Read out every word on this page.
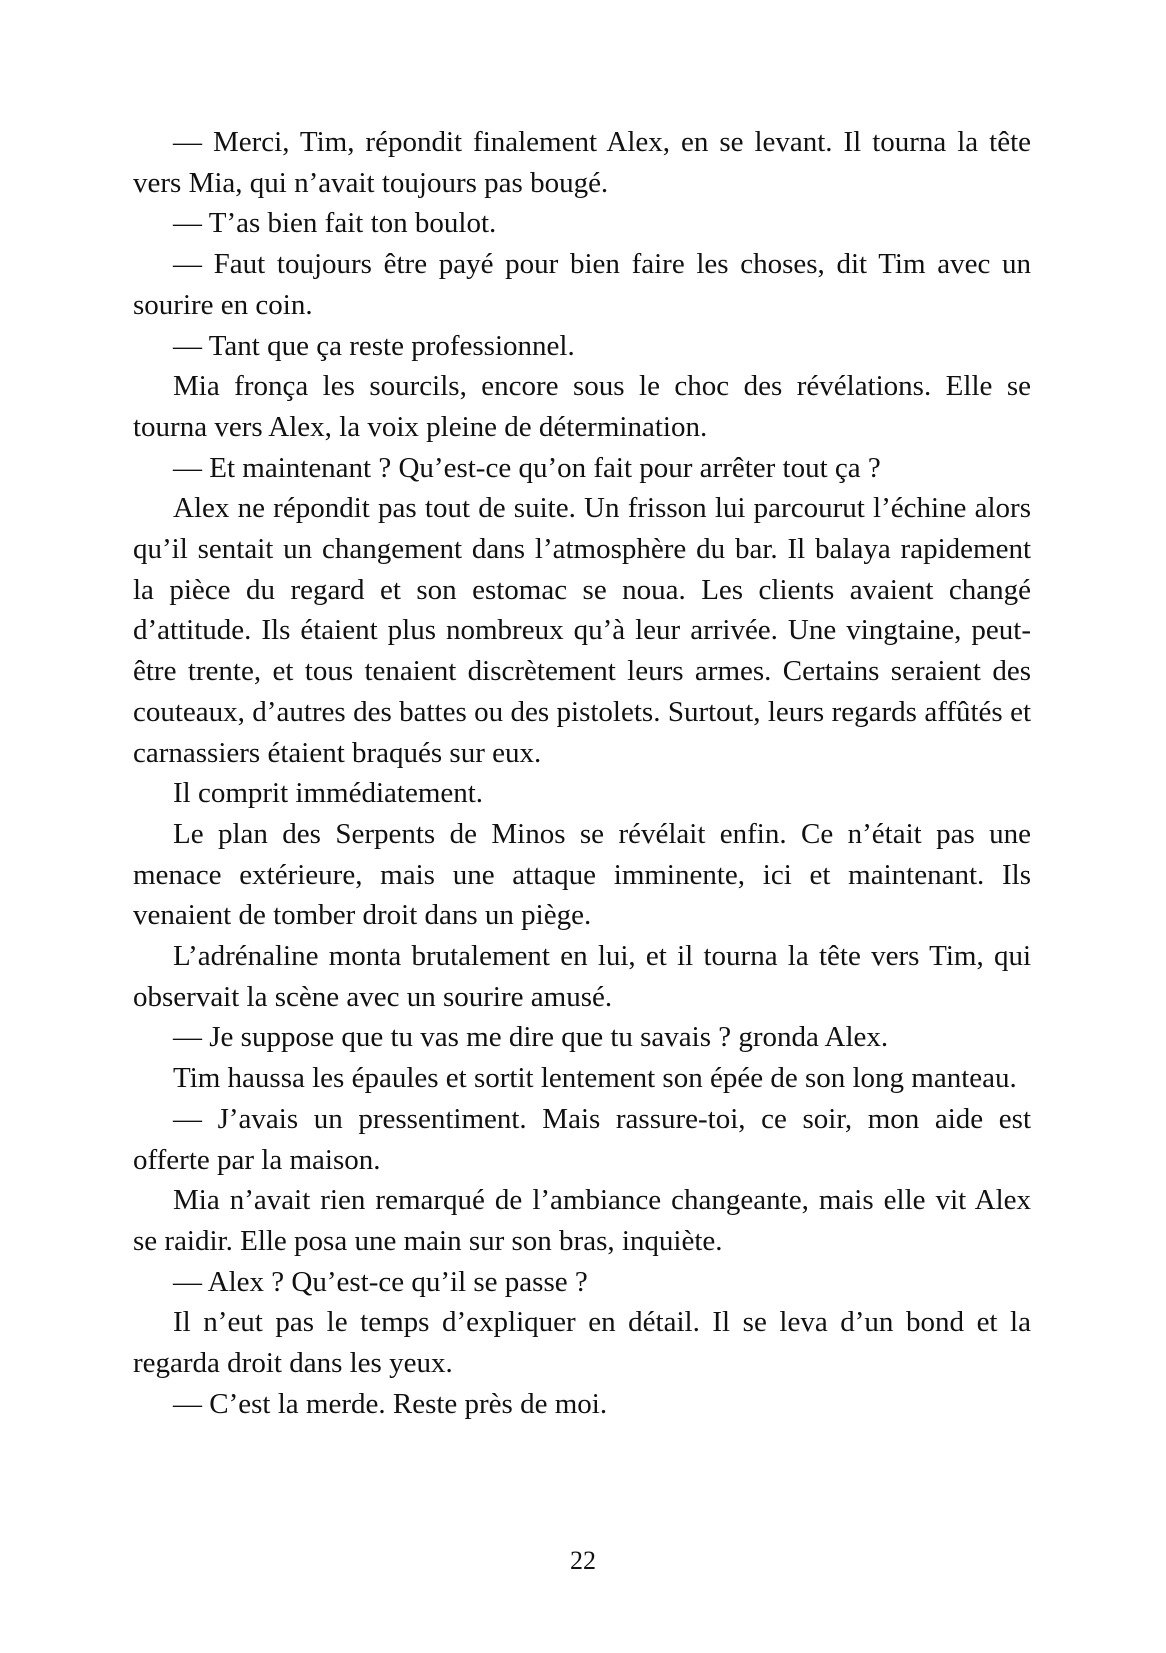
— Merci, Tim, répondit finalement Alex, en se levant. Il tourna la tête vers Mia, qui n’avait toujours pas bougé.

— T’as bien fait ton boulot.

— Faut toujours être payé pour bien faire les choses, dit Tim avec un sourire en coin.

— Tant que ça reste professionnel.

Mia fronça les sourcils, encore sous le choc des révélations. Elle se tourna vers Alex, la voix pleine de détermination.

— Et maintenant ? Qu’est-ce qu’on fait pour arrêter tout ça ?

Alex ne répondit pas tout de suite. Un frisson lui parcourut l’échine alors qu’il sentait un changement dans l’atmosphère du bar. Il balaya rapidement la pièce du regard et son estomac se noua. Les clients avaient changé d’attitude. Ils étaient plus nombreux qu’à leur arrivée. Une vingtaine, peut-être trente, et tous tenaient discrètement leurs armes. Certains seraient des couteaux, d’autres des battes ou des pistolets. Surtout, leurs regards affûtés et carnassiers étaient braqués sur eux.

Il comprit immédiatement.

Le plan des Serpents de Minos se révélait enfin. Ce n’était pas une menace extérieure, mais une attaque imminente, ici et maintenant. Ils venaient de tomber droit dans un piège.

L’adrénaline monta brutalement en lui, et il tourna la tête vers Tim, qui observait la scène avec un sourire amusé.

— Je suppose que tu vas me dire que tu savais ? gronda Alex.

Tim haussa les épaules et sortit lentement son épée de son long manteau.

— J’avais un pressentiment. Mais rassure-toi, ce soir, mon aide est offerte par la maison.

Mia n’avait rien remarqué de l’ambiance changeante, mais elle vit Alex se raidir. Elle posa une main sur son bras, inquiète.

— Alex ? Qu’est-ce qu’il se passe ?

Il n’eut pas le temps d’expliquer en détail. Il se leva d’un bond et la regarda droit dans les yeux.

— C’est la merde. Reste près de moi.

22
